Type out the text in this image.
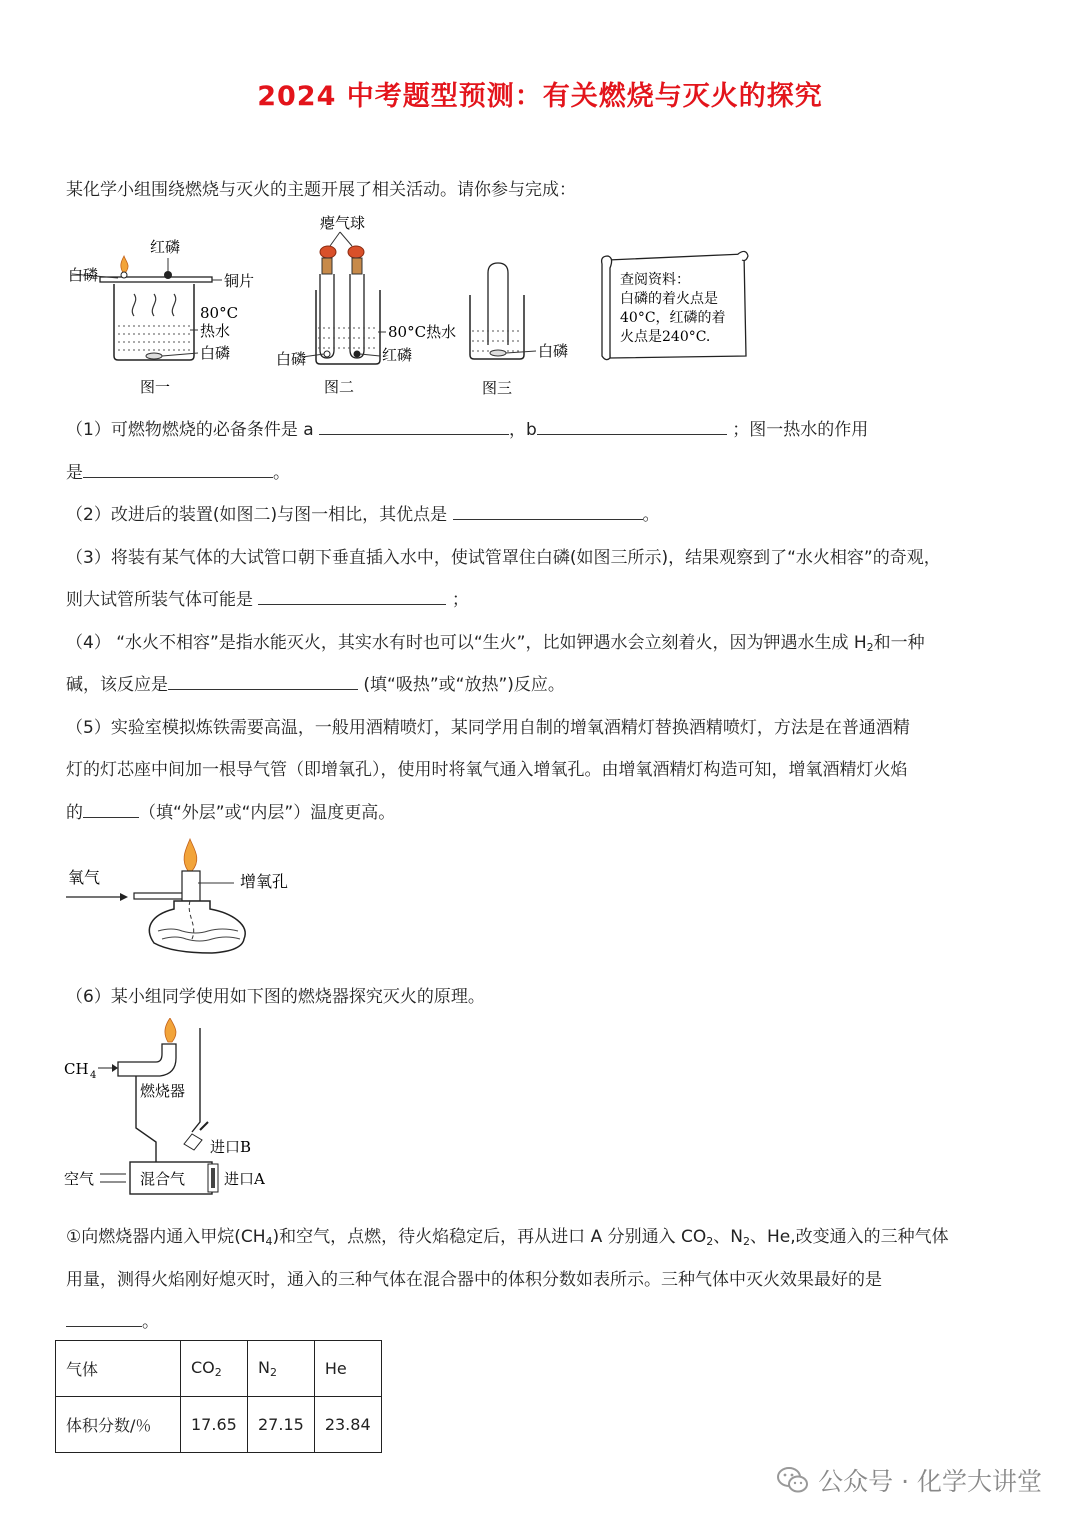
2024 中考题型预测：有关燃烧与灭火的探究
某化学小组围绕燃烧与灭火的主题开展了相关活动。请你参与完成：
白磷
红磷
铜片
80°C
热水
白磷
图一
瘪气球
80°C热水
白磷	红磷
图二
白磷
图三
查阅资料：
白磷的着火点是
40°C，红磷的着
火点是240°C.
（1）可燃物燃烧的必备条件是 a	，b	；图一热水的作用
是	。
（2）改进后的装置(如图二)与图一相比，其优点是	。
（3）将装有某气体的大试管口朝下垂直插入水中，使试管罩住白磷(如图三所示)，结果观察到了“水火相容”的奇观，
则大试管所装气体可能是	；
（4） “水火不相容”是指水能灭火，其实水有时也可以“生火”，比如钾遇水会立刻着火，因为钾遇水生成 $H_2$和一种
碱，该反应是	(填“吸热”或“放热”)反应。
（5）实验室模拟炼铁需要高温，一般用酒精喷灯，某同学用自制的增氧酒精灯替换酒精喷灯，方法是在普通酒精
灯的灯芯座中间加一根导气管（即增氧孔），使用时将氧气通入增氧孔。由增氧酒精灯构造可知，增氧酒精灯火焰
的	（填“外层”或“内层”）温度更高。
氧气	增氧孔
（6）某小组同学使用如下图的燃烧器探究灭火的原理。
CH 4
燃烧器
进口B
混合气
空气	进口A
①向燃烧器内通入甲烷$(CH_4)$和空气，点燃，待火焰稳定后，再从进口 A 分别通入 $CO_2$、$N_2$、He,改变通入的三种气体
用量，测得火焰刚好熄灭时，通入的三种气体在混合器中的体积分数如表所示。三种气体中灭火效果最好的是
。
气体	$CO_2$	$N_2$	He
体积分数/％	17.65	27.15	23.84
公众号 · 化学大讲堂
